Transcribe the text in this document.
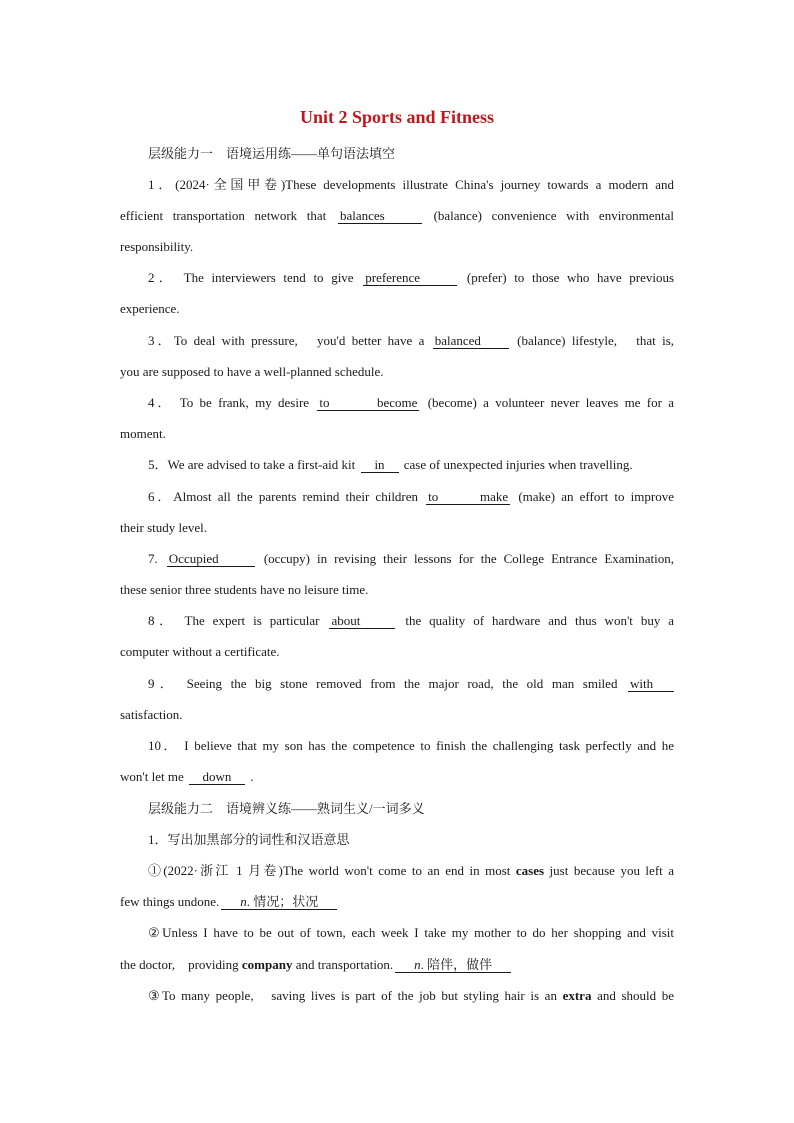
Unit 2 Sports and Fitness
层级能力一　语境运用练——单句语法填空
1．(2024·全国甲卷)These developments illustrate China's journey towards a modern and
efficient transportation network that balances	(balance) convenience with environmental
responsibility.
2． The interviewers tend to give preference	(prefer) to those who have previous
experience.
3．To deal with pressure,　you'd better have a balanced	(balance) lifestyle,　that is,
you are supposed to have a well-planned schedule.
4． To be frank, my desire to　become (become) a volunteer never leaves me for a
moment.
5．We are advised to take a first-aid kit in case of unexpected injuries when travelling.
6．Almost all the parents remind their children to　make (make) an effort to improve
their study level.
7. Occupied	(occupy) in revising their lessons for the College Entrance Examination,
these senior three students have no leisure time.
8． The expert is particular about	the quality of hardware and thus won't buy a
computer without a certificate.
9． Seeing the big stone removed from the major road, the old man smiled with
satisfaction.
10． I believe that my son has the competence to finish the challenging task perfectly and he
won't let me down .
层级能力二　语境辨义练——熟词生义/一词多义
1．写出加黑部分的词性和汉语意思
①(2022·浙江 1 月卷)The world won't come to an end in most cases just because you left a
few things undone. n. 情况；状况
②Unless I have to be out of town, each week I take my mother to do her shopping and visit
the doctor,　providing company and transportation. n. 陪伴，做伴
③To many people,　saving lives is part of the job but styling hair is an extra and should be
